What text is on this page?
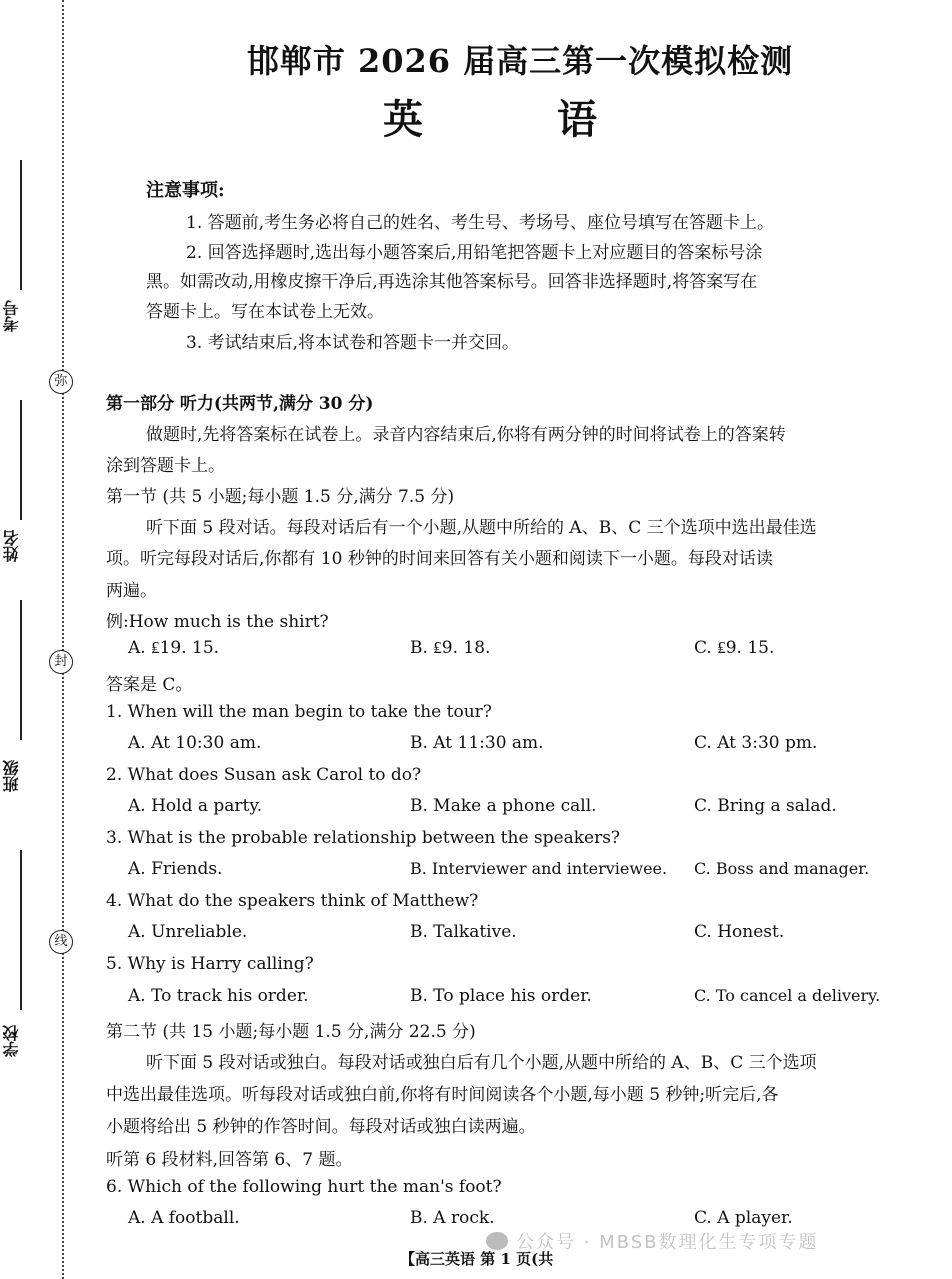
弥
封
线
考号
姓名
班级
学校
邯郸市 2026 届高三第一次模拟检测
英 语
注意事项:
1. 答题前,考生务必将自己的姓名、考生号、考场号、座位号填写在答题卡上。
2. 回答选择题时,选出每小题答案后,用铅笔把答题卡上对应题目的答案标号涂
黑。如需改动,用橡皮擦干净后,再选涂其他答案标号。回答非选择题时,将答案写在
答题卡上。写在本试卷上无效。
3. 考试结束后,将本试卷和答题卡一并交回。
第一部分 听力(共两节,满分 30 分)
做题时,先将答案标在试卷上。录音内容结束后,你将有两分钟的时间将试卷上的答案转
涂到答题卡上。
第一节 (共 5 小题;每小题 1.5 分,满分 7.5 分)
听下面 5 段对话。每段对话后有一个小题,从题中所给的 A、B、C 三个选项中选出最佳选
项。听完每段对话后,你都有 10 秒钟的时间来回答有关小题和阅读下一小题。每段对话读
两遍。
例:How much is the shirt?
A. ₤19. 15.	B. ₤9. 18.	C. ₤9. 15.
答案是 C。
1. When will the man begin to take the tour?
A. At 10:30 am.	B. At 11:30 am.	C. At 3:30 pm.
2. What does Susan ask Carol to do?
A. Hold a party.	B. Make a phone call.	C. Bring a salad.
3. What is the probable relationship between the speakers?
A. Friends.	B. Interviewer and interviewee. C. Boss and manager.
4. What do the speakers think of Matthew?
A. Unreliable.	B. Talkative.	C. Honest.
5. Why is Harry calling?
A. To track his order.	B. To place his order.	C. To cancel a delivery.
第二节 (共 15 小题;每小题 1.5 分,满分 22.5 分)
听下面 5 段对话或独白。每段对话或独白后有几个小题,从题中所给的 A、B、C 三个选项
中选出最佳选项。听每段对话或独白前,你将有时间阅读各个小题,每小题 5 秒钟;听完后,各
小题将给出 5 秒钟的作答时间。每段对话或独白读两遍。
听第 6 段材料,回答第 6、7 题。
6. Which of the following hurt the man's foot?
A. A football.	B. A rock.	C. A player.
公众号 · MBSB数理化生专项专题
【高三英语 第 1 页(共
